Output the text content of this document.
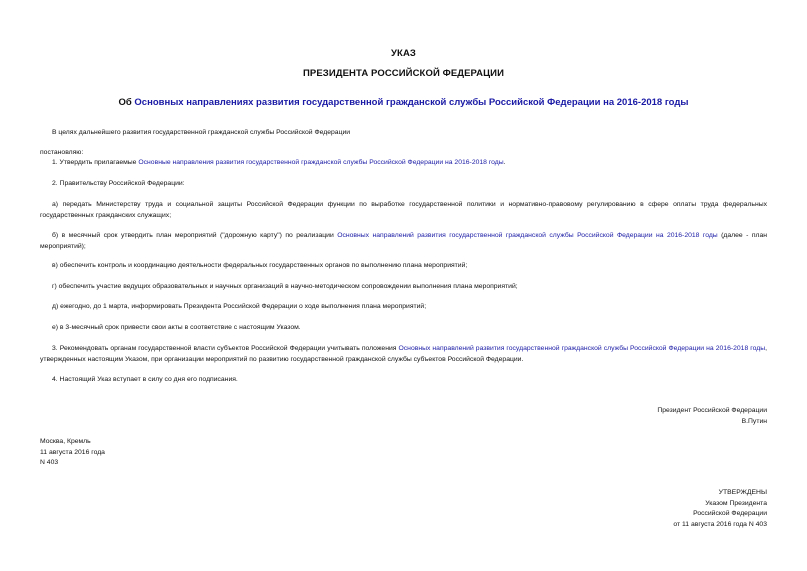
УКАЗ
ПРЕЗИДЕНТА РОССИЙСКОЙ ФЕДЕРАЦИИ
Об Основных направлениях развития государственной гражданской службы Российской Федерации на 2016-2018 годы

В целях дальнейшего развития государственной гражданской службы Российской Федерации

постановляю:

1. Утвердить прилагаемые Основные направления развития государственной гражданской службы Российской Федерации на 2016-2018 годы.

2. Правительству Российской Федерации:

а) передать Министерству труда и социальной защиты Российской Федерации функции по выработке государственной политики и нормативно-правовому регулированию в сфере оплаты труда федеральных государственных гражданских служащих;

б) в месячный срок утвердить план мероприятий ("дорожную карту") по реализации Основных направлений развития государственной гражданской службы Российской Федерации на 2016-2018 годы (далее - план мероприятий);

в) обеспечить контроль и координацию деятельности федеральных государственных органов по выполнению плана мероприятий;

г) обеспечить участие ведущих образовательных и научных организаций в научно-методическом сопровождении выполнения плана мероприятий;

д) ежегодно, до 1 марта, информировать Президента Российской Федерации о ходе выполнения плана мероприятий;

е) в 3-месячный срок привести свои акты в соответствие с настоящим Указом.

3. Рекомендовать органам государственной власти субъектов Российской Федерации учитывать положения Основных направлений развития государственной гражданской службы Российской Федерации на 2016-2018 годы, утвержденных настоящим Указом, при организации мероприятий по развитию государственной гражданской службы субъектов Российской Федерации.

4. Настоящий Указ вступает в силу со дня его подписания.

Президент Российской Федерации
В.Путин
Москва, Кремль
11 августа 2016 года
N 403
УТВЕРЖДЕНЫ
Указом Президента
Российской Федерации
от 11 августа 2016 года N 403
